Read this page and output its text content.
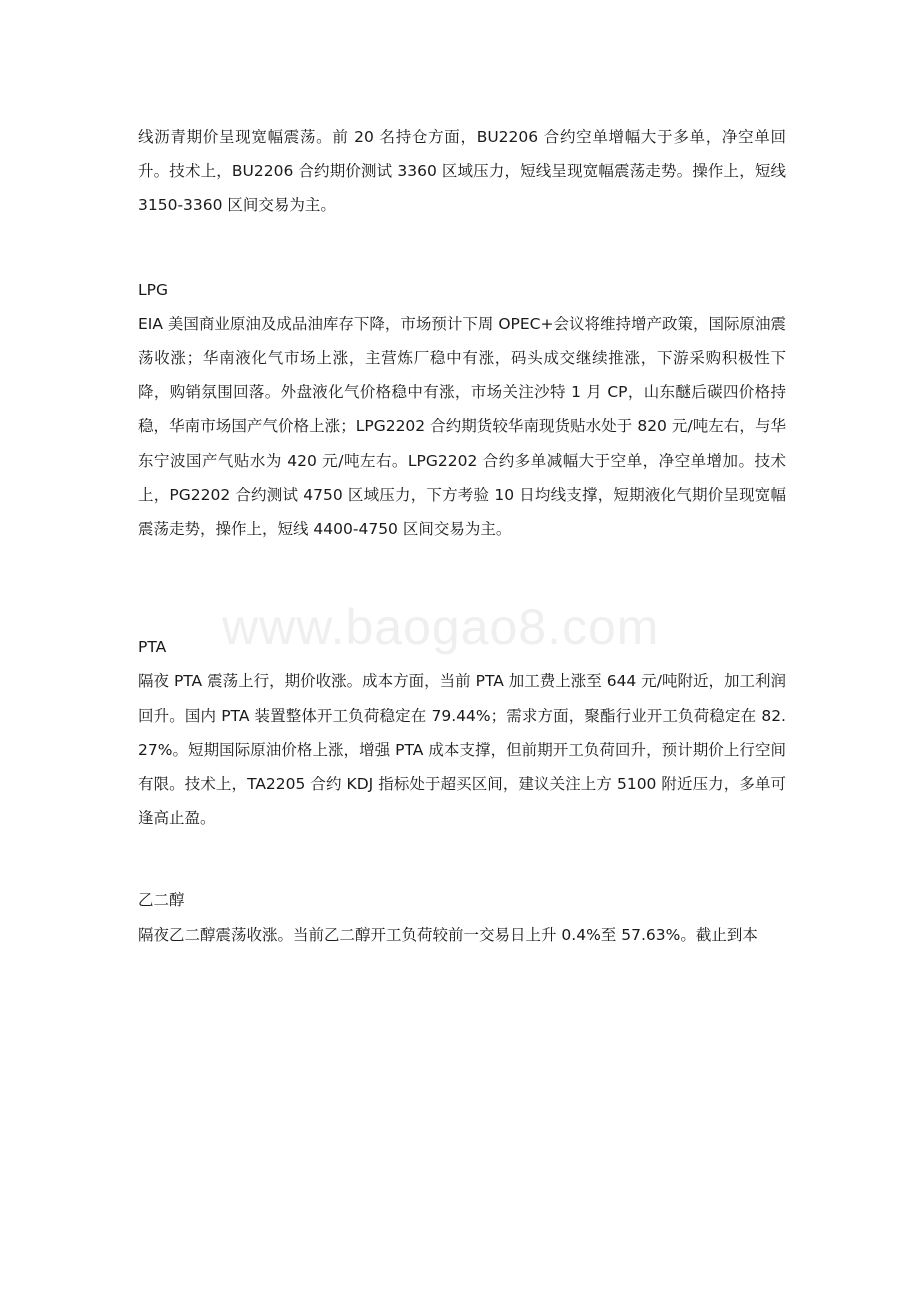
www.baogao8.com

线沥青期价呈现宽幅震荡。前 20 名持仓方面，BU2206 合约空单增幅大于多单，净空单回升。技术上，BU2206 合约期价测试 3360 区域压力，短线呈现宽幅震荡走势。操作上，短线 3150-3360 区间交易为主。

LPG

EIA 美国商业原油及成品油库存下降，市场预计下周 OPEC+会议将维持增产政策，国际原油震荡收涨；华南液化气市场上涨，主营炼厂稳中有涨，码头成交继续推涨，下游采购积极性下降，购销氛围回落。外盘液化气价格稳中有涨，市场关注沙特 1 月 CP，山东醚后碳四价格持稳，华南市场国产气价格上涨；LPG2202 合约期货较华南现货贴水处于 820 元/吨左右，与华东宁波国产气贴水为 420 元/吨左右。LPG2202 合约多单减幅大于空单，净空单增加。技术上，PG2202 合约测试 4750 区域压力，下方考验 10 日均线支撑，短期液化气期价呈现宽幅震荡走势，操作上，短线 4400-4750 区间交易为主。

PTA

隔夜 PTA 震荡上行，期价收涨。成本方面，当前 PTA 加工费上涨至 644 元/吨附近，加工利润回升。国内 PTA 装置整体开工负荷稳定在 79.44%；需求方面，聚酯行业开工负荷稳定在 82.27%。短期国际原油价格上涨，增强 PTA 成本支撑，但前期开工负荷回升，预计期价上行空间有限。技术上，TA2205 合约 KDJ 指标处于超买区间，建议关注上方 5100 附近压力，多单可逢高止盈。

乙二醇

隔夜乙二醇震荡收涨。当前乙二醇开工负荷较前一交易日上升 0.4%至 57.63%。截止到本
